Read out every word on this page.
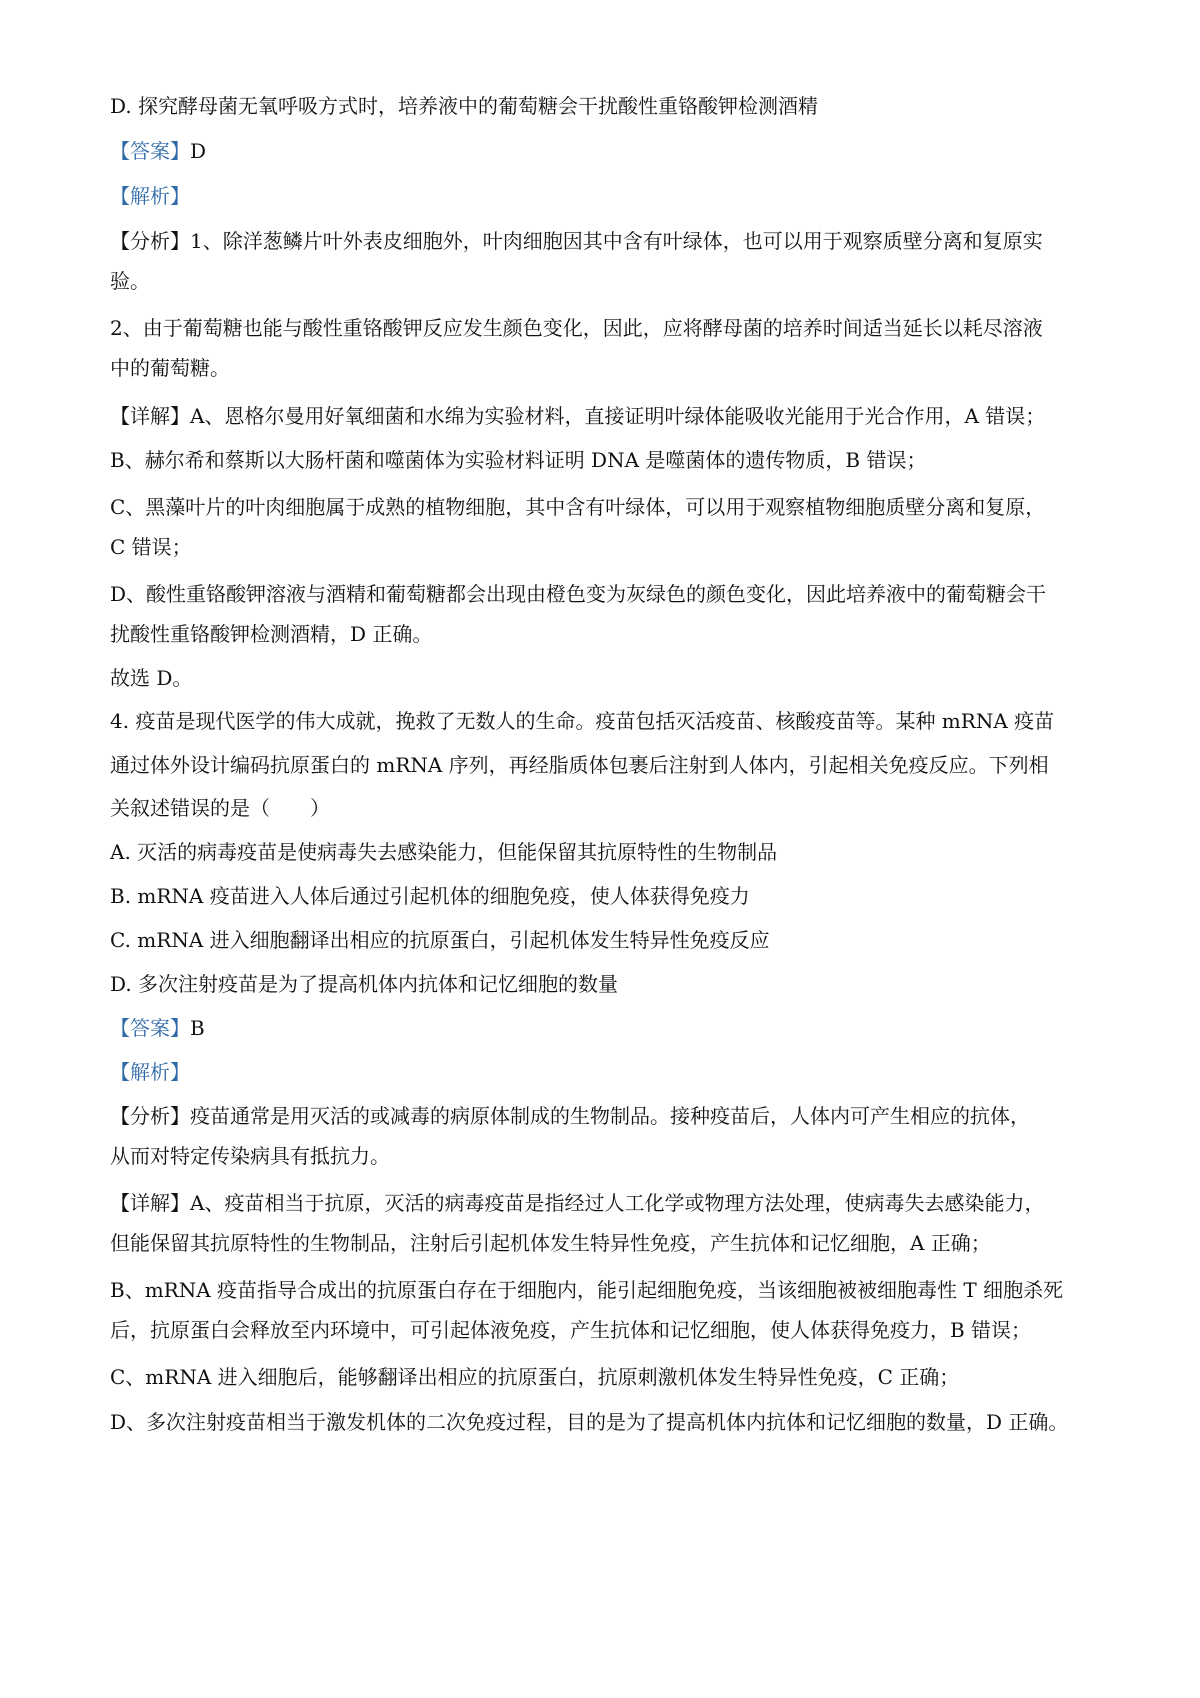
D. 探究酵母菌无氧呼吸方式时，培养液中的葡萄糖会干扰酸性重铬酸钾检测酒精
【答案】D
【解析】
【分析】1、除洋葱鳞片叶外表皮细胞外，叶肉细胞因其中含有叶绿体，也可以用于观察质壁分离和复原实
验。
2、由于葡萄糖也能与酸性重铬酸钾反应发生颜色变化，因此，应将酵母菌的培养时间适当延长以耗尽溶液
中的葡萄糖。
【详解】A、恩格尔曼用好氧细菌和水绵为实验材料，直接证明叶绿体能吸收光能用于光合作用，A 错误；
B、赫尔希和蔡斯以大肠杆菌和噬菌体为实验材料证明 DNA 是噬菌体的遗传物质，B 错误；
C、黑藻叶片的叶肉细胞属于成熟的植物细胞，其中含有叶绿体，可以用于观察植物细胞质壁分离和复原，
C 错误；
D、酸性重铬酸钾溶液与酒精和葡萄糖都会出现由橙色变为灰绿色的颜色变化，因此培养液中的葡萄糖会干
扰酸性重铬酸钾检测酒精，D 正确。
故选 D。
4. 疫苗是现代医学的伟大成就，挽救了无数人的生命。疫苗包括灭活疫苗、核酸疫苗等。某种 mRNA 疫苗
通过体外设计编码抗原蛋白的 mRNA 序列，再经脂质体包裹后注射到人体内，引起相关免疫反应。下列相
关叙述错误的是（　　）
A. 灭活的病毒疫苗是使病毒失去感染能力，但能保留其抗原特性的生物制品
B. mRNA 疫苗进入人体后通过引起机体的细胞免疫，使人体获得免疫力
C. mRNA 进入细胞翻译出相应的抗原蛋白，引起机体发生特异性免疫反应
D. 多次注射疫苗是为了提高机体内抗体和记忆细胞的数量
【答案】B
【解析】
【分析】疫苗通常是用灭活的或减毒的病原体制成的生物制品。接种疫苗后，人体内可产生相应的抗体，
从而对特定传染病具有抵抗力。
【详解】A、疫苗相当于抗原，灭活的病毒疫苗是指经过人工化学或物理方法处理，使病毒失去感染能力，
但能保留其抗原特性的生物制品，注射后引起机体发生特异性免疫，产生抗体和记忆细胞，A 正确；
B、mRNA 疫苗指导合成出的抗原蛋白存在于细胞内，能引起细胞免疫，当该细胞被被细胞毒性 T 细胞杀死
后，抗原蛋白会释放至内环境中，可引起体液免疫，产生抗体和记忆细胞，使人体获得免疫力，B 错误；
C、mRNA 进入细胞后，能够翻译出相应的抗原蛋白，抗原刺激机体发生特异性免疫，C 正确；
D、多次注射疫苗相当于激发机体的二次免疫过程，目的是为了提高机体内抗体和记忆细胞的数量，D 正确。
